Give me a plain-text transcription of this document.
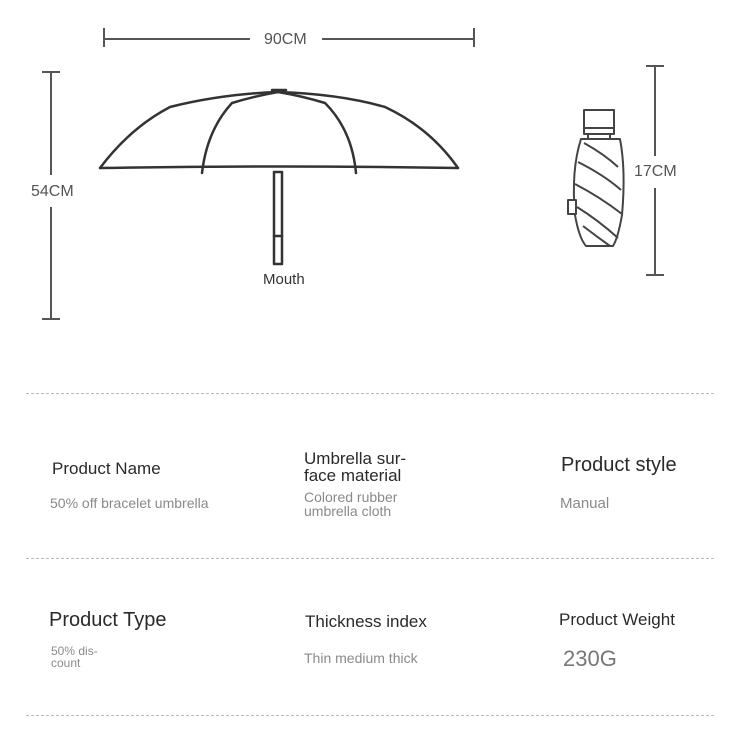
90CM
54CM
17CM
Mouth
Product Name
50% off bracelet umbrella
Umbrella sur-
face material
Colored rubber
umbrella cloth
Product style
Manual
Product Type
50% dis-
count
Thickness index
Thin medium thick
Product Weight
230G
